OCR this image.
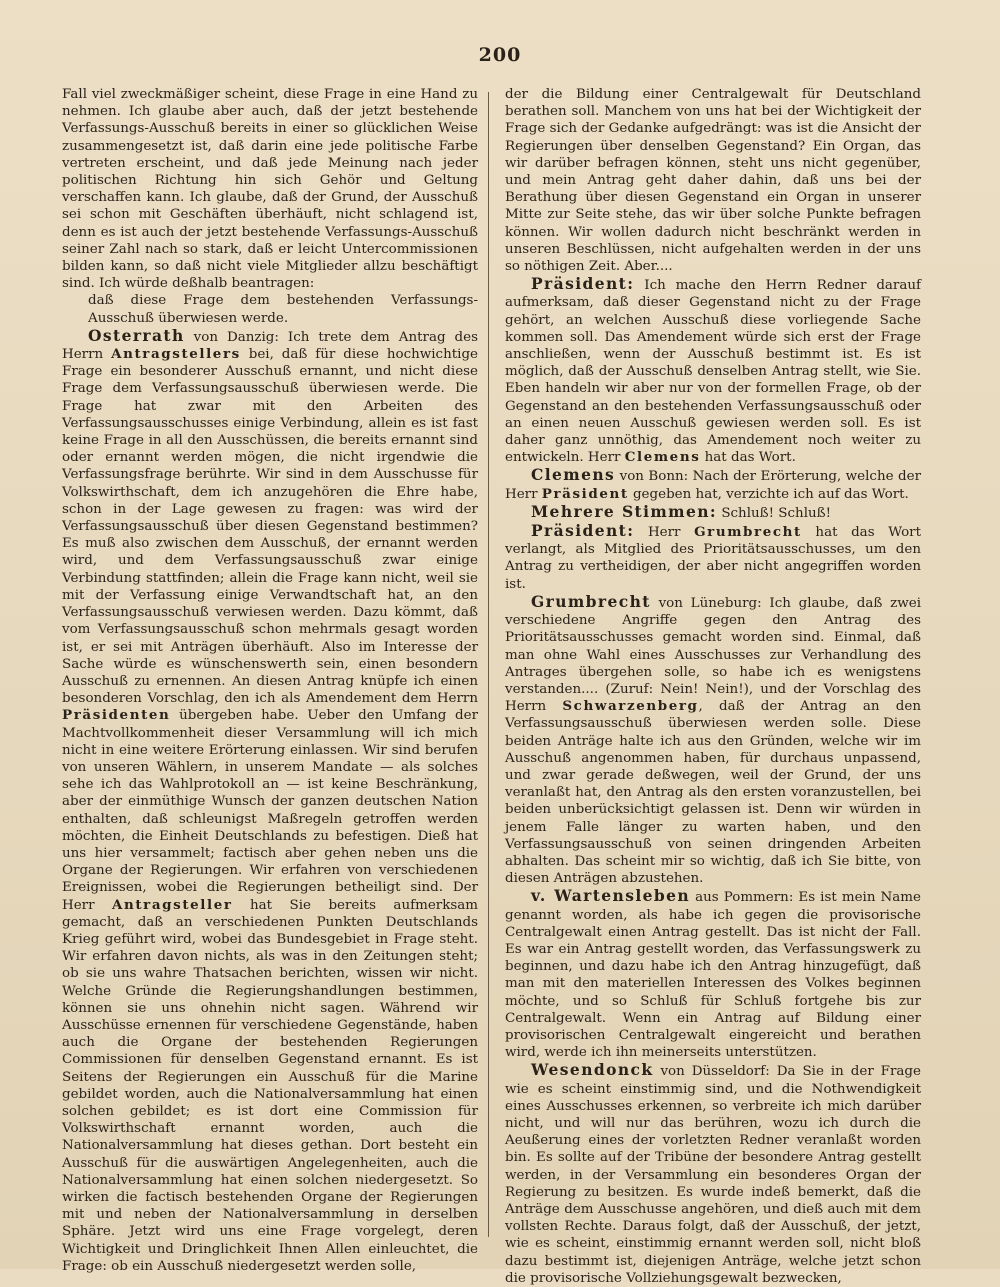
200

Fall viel zweckmäßiger scheint, diese Frage in eine Hand zu nehmen. Ich glaube aber auch, daß der jetzt bestehende Verfassungs-Ausschuß bereits in einer so glücklichen Weise zusammengesetzt ist, daß darin eine jede politische Farbe vertreten erscheint, und daß jede Meinung nach jeder politischen Richtung hin sich Gehör und Geltung verschaffen kann. Ich glaube, daß der Grund, der Ausschuß sei schon mit Geschäften überhäuft, nicht schlagend ist, denn es ist auch der jetzt bestehende Verfassungs-Ausschuß seiner Zahl nach so stark, daß er leicht Untercommissionen bilden kann, so daß nicht viele Mitglieder allzu beschäftigt sind. Ich würde deßhalb beantragen:

daß diese Frage dem bestehenden Verfassungs-Ausschuß überwiesen werde.

Osterrath von Danzig: Ich trete dem Antrag des Herrn Antragstellers bei, daß für diese hochwichtige Frage ein besonderer Ausschuß ernannt, und nicht diese Frage dem Verfassungsausschuß überwiesen werde. Die Frage hat zwar mit den Arbeiten des Verfassungsausschusses einige Verbindung, allein es ist fast keine Frage in all den Ausschüssen, die bereits ernannt sind oder ernannt werden mögen, die nicht irgendwie die Verfassungsfrage berührte. Wir sind in dem Ausschusse für Volkswirthschaft, dem ich anzugehören die Ehre habe, schon in der Lage gewesen zu fragen: was wird der Verfassungsausschuß über diesen Gegenstand bestimmen? Es muß also zwischen dem Ausschuß, der ernannt werden wird, und dem Verfassungsausschuß zwar einige Verbindung stattfinden; allein die Frage kann nicht, weil sie mit der Verfassung einige Verwandtschaft hat, an den Verfassungsausschuß verwiesen werden. Dazu kömmt, daß vom Verfassungsausschuß schon mehrmals gesagt worden ist, er sei mit Anträgen überhäuft. Also im Interesse der Sache würde es wünschenswerth sein, einen besondern Ausschuß zu ernennen. An diesen Antrag knüpfe ich einen besonderen Vorschlag, den ich als Amendement dem Herrn Präsidenten übergeben habe. Ueber den Umfang der Machtvollkommenheit dieser Versammlung will ich mich nicht in eine weitere Erörterung einlassen. Wir sind berufen von unseren Wählern, in unserem Mandate — als solches sehe ich das Wahlprotokoll an — ist keine Beschränkung, aber der einmüthige Wunsch der ganzen deutschen Nation enthalten, daß schleunigst Maßregeln getroffen werden möchten, die Einheit Deutschlands zu befestigen. Dieß hat uns hier versammelt; factisch aber gehen neben uns die Organe der Regierungen. Wir erfahren von verschiedenen Ereignissen, wobei die Regierungen betheiligt sind. Der Herr Antragsteller hat Sie bereits aufmerksam gemacht, daß an verschiedenen Punkten Deutschlands Krieg geführt wird, wobei das Bundesgebiet in Frage steht. Wir erfahren davon nichts, als was in den Zeitungen steht; ob sie uns wahre Thatsachen berichten, wissen wir nicht. Welche Gründe die Regierungshandlungen bestimmen, können sie uns ohnehin nicht sagen. Während wir Ausschüsse ernennen für verschiedene Gegenstände, haben auch die Organe der bestehenden Regierungen Commissionen für denselben Gegenstand ernannt. Es ist Seitens der Regierungen ein Ausschuß für die Marine gebildet worden, auch die Nationalversammlung hat einen solchen gebildet; es ist dort eine Commission für Volkswirthschaft ernannt worden, auch die Nationalversammlung hat dieses gethan. Dort besteht ein Ausschuß für die auswärtigen Angelegenheiten, auch die Nationalversammlung hat einen solchen niedergesetzt. So wirken die factisch bestehenden Organe der Regierungen mit und neben der Nationalversammlung in derselben Sphäre. Jetzt wird uns eine Frage vorgelegt, deren Wichtigkeit und Dringlichkeit Ihnen Allen einleuchtet, die Frage: ob ein Ausschuß niedergesetzt werden solle,

der die Bildung einer Centralgewalt für Deutschland berathen soll. Manchem von uns hat bei der Wichtigkeit der Frage sich der Gedanke aufgedrängt: was ist die Ansicht der Regierungen über denselben Gegenstand? Ein Organ, das wir darüber befragen können, steht uns nicht gegenüber, und mein Antrag geht daher dahin, daß uns bei der Berathung über diesen Gegenstand ein Organ in unserer Mitte zur Seite stehe, das wir über solche Punkte befragen können. Wir wollen dadurch nicht beschränkt werden in unseren Beschlüssen, nicht aufgehalten werden in der uns so nöthigen Zeit. Aber....

Präsident: Ich mache den Herrn Redner darauf aufmerksam, daß dieser Gegenstand nicht zu der Frage gehört, an welchen Ausschuß diese vorliegende Sache kommen soll. Das Amendement würde sich erst der Frage anschließen, wenn der Ausschuß bestimmt ist. Es ist möglich, daß der Ausschuß denselben Antrag stellt, wie Sie. Eben handeln wir aber nur von der formellen Frage, ob der Gegenstand an den bestehenden Verfassungsausschuß oder an einen neuen Ausschuß gewiesen werden soll. Es ist daher ganz unnöthig, das Amendement noch weiter zu entwickeln. Herr Clemens hat das Wort.

Clemens von Bonn: Nach der Erörterung, welche der Herr Präsident gegeben hat, verzichte ich auf das Wort.

Mehrere Stimmen: Schluß! Schluß!

Präsident: Herr Grumbrecht hat das Wort verlangt, als Mitglied des Prioritätsausschusses, um den Antrag zu vertheidigen, der aber nicht angegriffen worden ist.

Grumbrecht von Lüneburg: Ich glaube, daß zwei verschiedene Angriffe gegen den Antrag des Prioritätsausschusses gemacht worden sind. Einmal, daß man ohne Wahl eines Ausschusses zur Verhandlung des Antrages übergehen solle, so habe ich es wenigstens verstanden.... (Zuruf: Nein! Nein!), und der Vorschlag des Herrn Schwarzenberg, daß der Antrag an den Verfassungsausschuß überwiesen werden solle. Diese beiden Anträge halte ich aus den Gründen, welche wir im Ausschuß angenommen haben, für durchaus unpassend, und zwar gerade deßwegen, weil der Grund, der uns veranlaßt hat, den Antrag als den ersten voranzustellen, bei beiden unberücksichtigt gelassen ist. Denn wir würden in jenem Falle länger zu warten haben, und den Verfassungsausschuß von seinen dringenden Arbeiten abhalten. Das scheint mir so wichtig, daß ich Sie bitte, von diesen Anträgen abzustehen.

v. Wartensleben aus Pommern: Es ist mein Name genannt worden, als habe ich gegen die provisorische Centralgewalt einen Antrag gestellt. Das ist nicht der Fall. Es war ein Antrag gestellt worden, das Verfassungswerk zu beginnen, und dazu habe ich den Antrag hinzugefügt, daß man mit den materiellen Interessen des Volkes beginnen möchte, und so Schluß für Schluß fortgehe bis zur Centralgewalt. Wenn ein Antrag auf Bildung einer provisorischen Centralgewalt eingereicht und berathen wird, werde ich ihn meinerseits unterstützen.

Wesendonck von Düsseldorf: Da Sie in der Frage wie es scheint einstimmig sind, und die Nothwendigkeit eines Ausschusses erkennen, so verbreite ich mich darüber nicht, und will nur das berühren, wozu ich durch die Aeußerung eines der vorletzten Redner veranlaßt worden bin. Es sollte auf der Tribüne der besondere Antrag gestellt werden, in der Versammlung ein besonderes Organ der Regierung zu besitzen. Es wurde indeß bemerkt, daß die Anträge dem Ausschusse angehören, und dieß auch mit dem vollsten Rechte. Daraus folgt, daß der Ausschuß, der jetzt, wie es scheint, einstimmig ernannt werden soll, nicht bloß dazu bestimmt ist, diejenigen Anträge, welche jetzt schon die provisorische Vollziehungsgewalt bezwecken,
